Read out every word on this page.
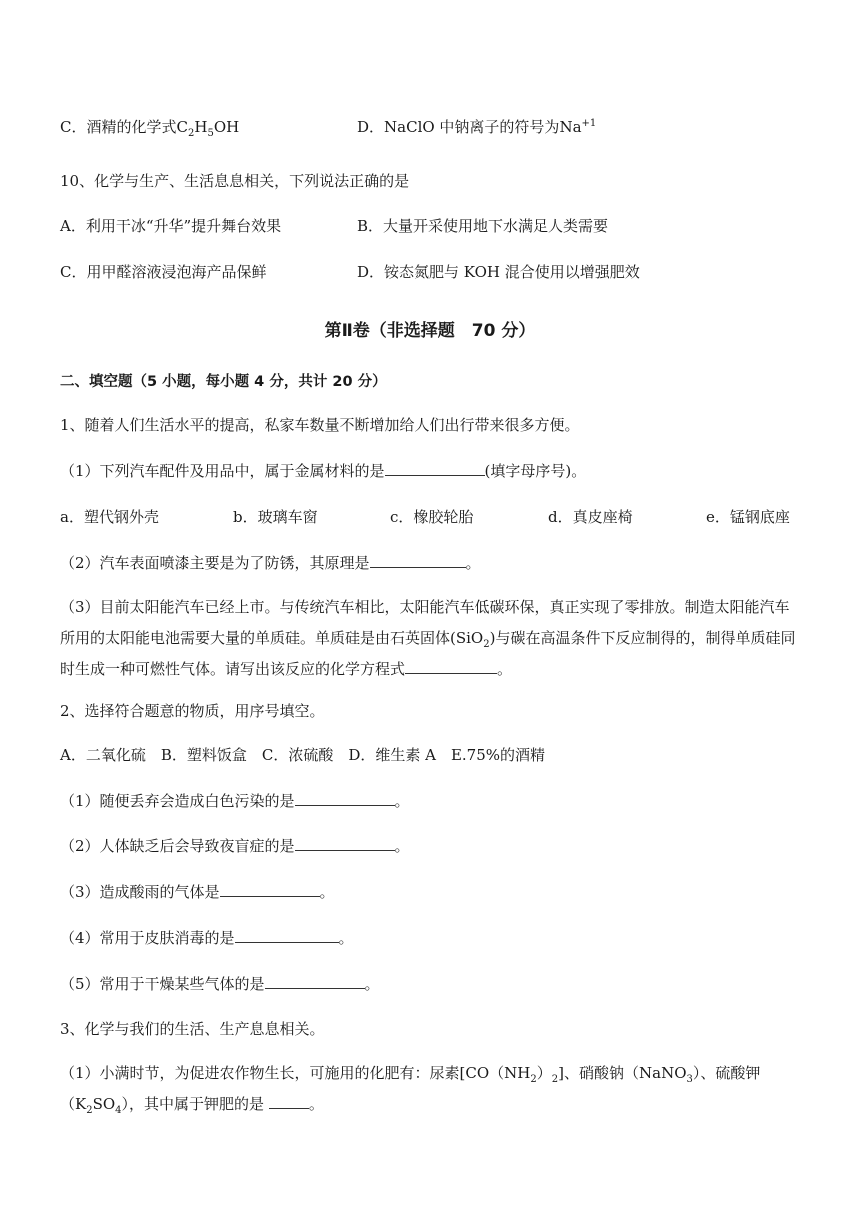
C．酒精的化学式$C_2H_5OH$	D．NaClO 中钠离子的符号为$Na^{+1}$
10、化学与生产、生活息息相关，下列说法正确的是
A．利用干冰“升华”提升舞台效果	B．大量开采使用地下水满足人类需要
C．用甲醛溶液浸泡海产品保鲜	D．铵态氮肥与 KOH 混合使用以增强肥效
第Ⅱ卷（非选择题　70 分）
二、填空题（5 小题，每小题 4 分，共计 20 分）
1、随着人们生活水平的提高，私家车数量不断增加给人们出行带来很多方便。
（1）下列汽车配件及用品中，属于金属材料的是	(填字母序号)。
a．塑代钢外壳	b．玻璃车窗	c．橡胶轮胎	d．真皮座椅	e．锰钢底座
（2）汽车表面喷漆主要是为了防锈，其原理是	。
（3）目前太阳能汽车已经上市。与传统汽车相比，太阳能汽车低碳环保，真正实现了零排放。制造太阳能汽车所用的太阳能电池需要大量的单质硅。单质硅是由石英固体(SiO$_2$)与碳在高温条件下反应制得的，制得单质硅同时生成一种可燃性气体。请写出该反应的化学方程式	。
2、选择符合题意的物质，用序号填空。
A．二氧化硫　B．塑料饭盒　C．浓硫酸　D．维生素 A　E.75%的酒精
（1）随便丢弃会造成白色污染的是	。
（2）人体缺乏后会导致夜盲症的是	。
（3）造成酸雨的气体是	。
（4）常用于皮肤消毒的是	。
（5）常用于干燥某些气体的是	。
3、化学与我们的生活、生产息息相关。
（1）小满时节，为促进农作物生长，可施用的化肥有：尿素$[CO(NH_2)_2]$、硝酸钠（NaNO$_3$）、硫酸钾$(K_2SO_4)$，其中属于钾肥的是	。
